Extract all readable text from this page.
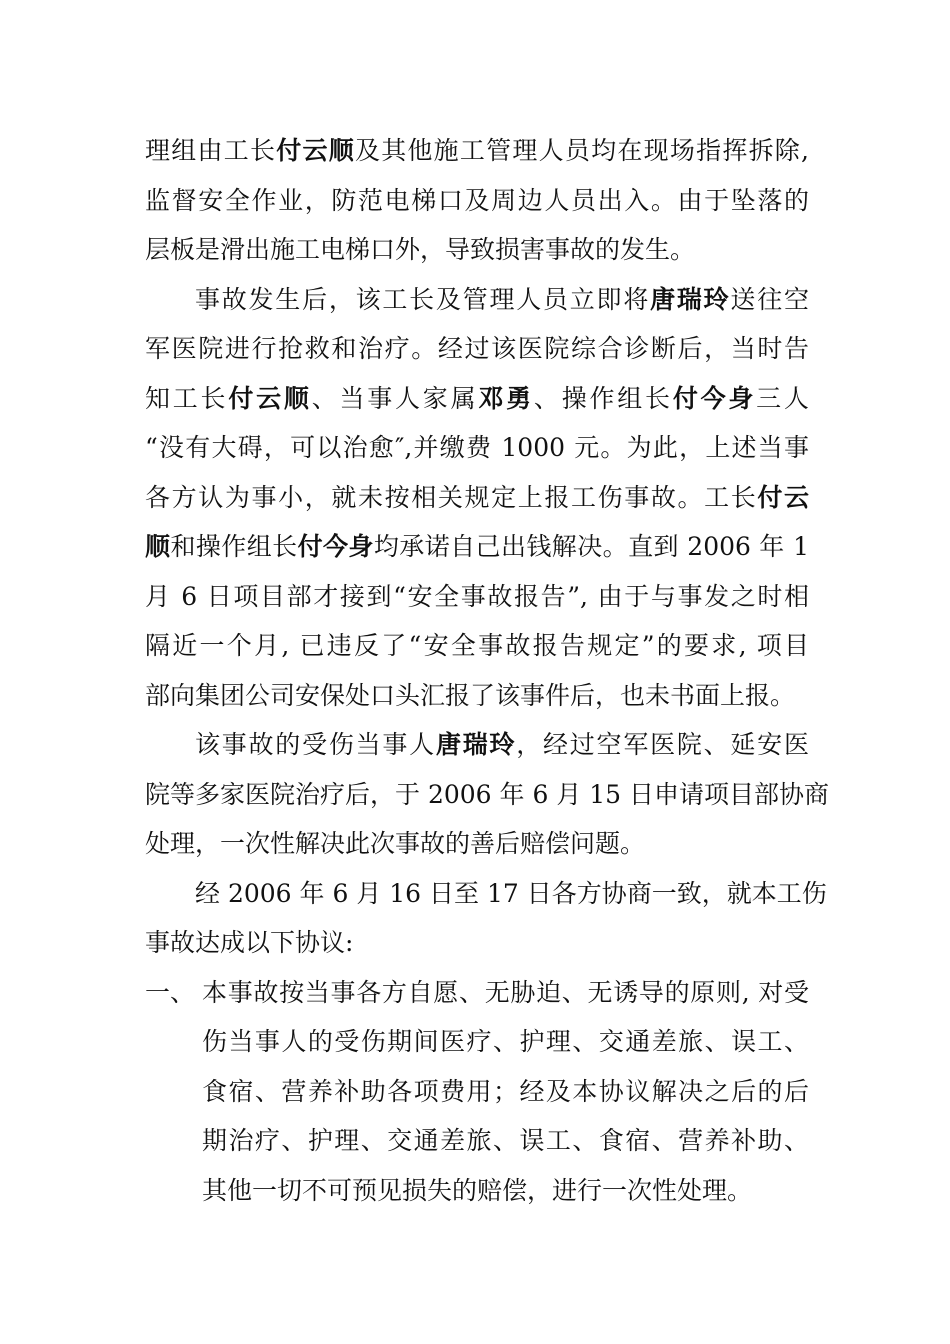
理组由工长付云顺及其他施工管理人员均在现场指挥拆除,
监督安全作业，防范电梯口及周边人员出入。由于坠落的
层板是滑出施工电梯口外，导致损害事故的发生。
事故发生后，该工长及管理人员立即将唐瑞玲送往空
军医院进行抢救和治疗。经过该医院综合诊断后，当时告
知工长付云顺、当事人家属邓勇、操作组长付今身三人
“没有大碍，可以治愈″,并缴费 1000 元。为此，上述当事
各方认为事小，就未按相关规定上报工伤事故。工长付云
顺和操作组长付今身均承诺自己出钱解决。直到 2006 年 1
月 6 日项目部才接到“安全事故报告”, 由于与事发之时相
隔近一个月, 已违反了“安全事故报告规定”的要求, 项目
部向集团公司安保处口头汇报了该事件后，也未书面上报。
该事故的受伤当事人唐瑞玲，经过空军医院、延安医
院等多家医院治疗后，于 2006 年 6 月 15 日申请项目部协商
处理，一次性解决此次事故的善后赔偿问题。
经 2006 年 6 月 16 日至 17 日各方协商一致，就本工伤
事故达成以下协议:
一、 本事故按当事各方自愿、无胁迫、无诱导的原则, 对受
伤当事人的受伤期间医疗、护理、交通差旅、误工、
食宿、营养补助各项费用；经及本协议解决之后的后
期治疗、护理、交通差旅、误工、食宿、营养补助、
其他一切不可预见损失的赔偿，进行一次性处理。
